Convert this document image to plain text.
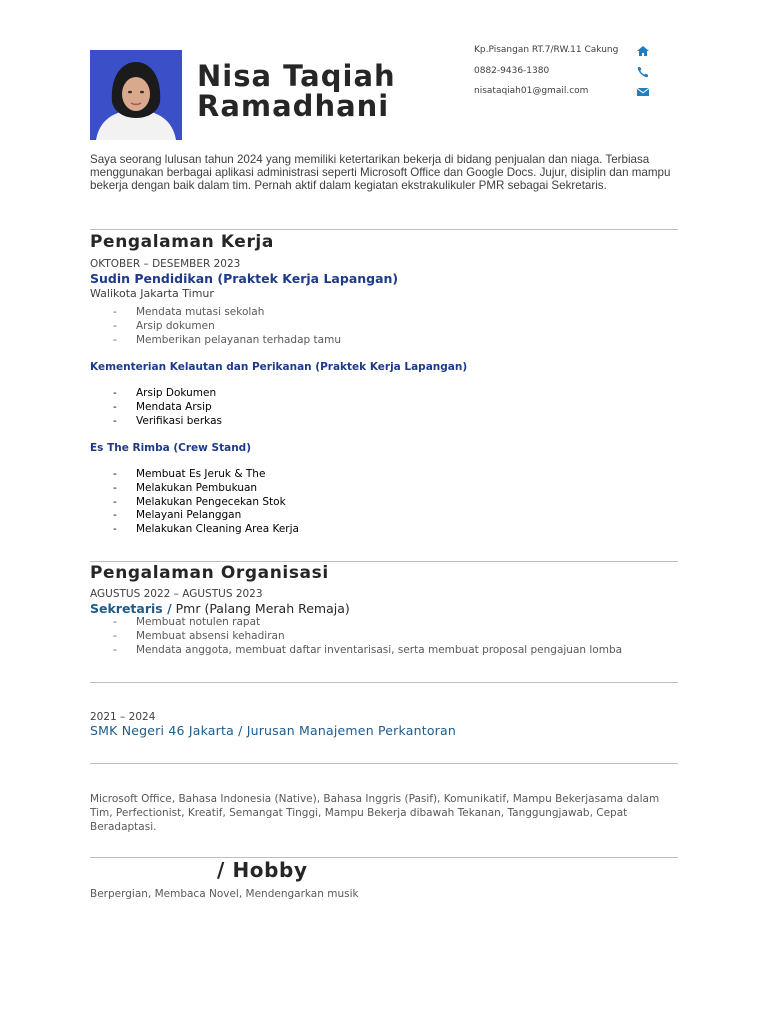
Nisa Taqiah
Ramadhani
Kp.Pisangan RT.7/RW.11 Cakung
0882-9436-1380
nisataqiah01@gmail.com
Saya seorang lulusan tahun 2024 yang memiliki ketertarikan bekerja di bidang penjualan dan niaga. Terbiasa menggunakan berbagai aplikasi administrasi seperti Microsoft Office dan Google Docs. Jujur, disiplin dan mampu bekerja dengan baik dalam tim. Pernah aktif dalam kegiatan ekstrakulikuler PMR sebagai Sekretaris.
Pengalaman Kerja
OKTOBER – DESEMBER 2023
Sudin Pendidikan (Praktek Kerja Lapangan)
Walikota Jakarta Timur
- Mendata mutasi sekolah
- Arsip dokumen
- Memberikan pelayanan terhadap tamu
Kementerian Kelautan dan Perikanan (Praktek Kerja Lapangan)
- Arsip Dokumen
- Mendata Arsip
- Verifikasi berkas
Es The Rimba (Crew Stand)
- Membuat Es Jeruk & The
- Melakukan Pembukuan
- Melakukan Pengecekan Stok
- Melayani Pelanggan
- Melakukan Cleaning Area Kerja
Pengalaman Organisasi
AGUSTUS 2022 – AGUSTUS 2023
Sekretaris / Pmr (Palang Merah Remaja)
- Membuat notulen rapat
- Membuat absensi kehadiran
- Mendata anggota, membuat daftar inventarisasi, serta membuat proposal pengajuan lomba
2021 – 2024
SMK Negeri 46 Jakarta / Jurusan Manajemen Perkantoran
Microsoft Office, Bahasa Indonesia (Native), Bahasa Inggris (Pasif), Komunikatif, Mampu Bekerjasama dalam Tim, Perfectionist, Kreatif, Semangat Tinggi, Mampu Bekerja dibawah Tekanan, Tanggungjawab, Cepat Beradaptasi.
/ Hobby
Berpergian, Membaca Novel, Mendengarkan musik
